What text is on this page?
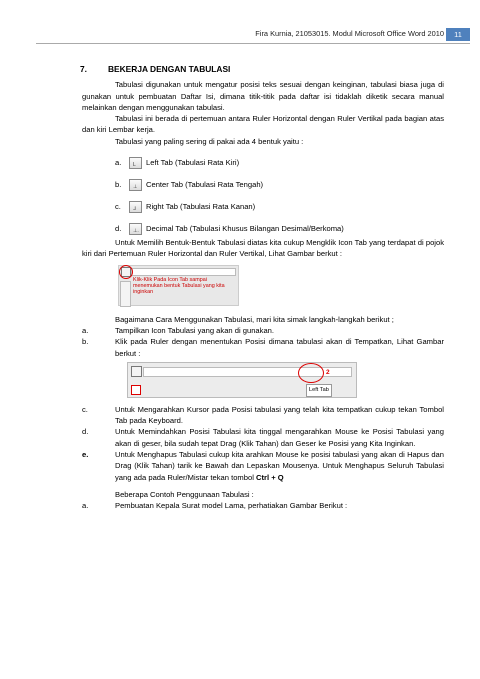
Fira Kurnia, 21053015. Modul Microsoft Office Word 2010	11
7.	BEKERJA DENGAN TABULASI

Tabulasi digunakan untuk mengatur posisi teks sesuai dengan keinginan, tabulasi biasa juga di gunakan untuk pembuatan Daftar Isi, dimana titik-titik pada daftar isi tidaklah diketik secara manual melainkan dengan menggunakan tabulasi.

Tabulasi ini berada di pertemuan antara Ruler Horizontal dengan Ruler Vertikal pada bagian atas dan kiri Lembar kerja.

Tabulasi yang paling sering di pakai ada 4 bentuk yaitu :

a.	L Left Tab (Tabulasi Rata Kiri)
b.	⊥ Center Tab (Tabulasi Rata Tengah)
c.	⅃ Right Tab (Tabulasi Rata Kanan)
d.	⊥. Decimal Tab (Tabulasi Khusus Bilangan Desimal/Berkoma)

Untuk Memilih Bentuk-Bentuk Tabulasi diatas kita cukup Mengklik Icon Tab yang terdapat di pojok kiri dari Pertemuan Ruler Horizontal dan Ruler Vertikal, Lihat Gambar berkut :

Klik-Klik Pada Icon Tab sampai menemukan bentuk Tabulasi yang kita inginkan

Bagaimana Cara Menggunakan Tabulasi, mari kita simak langkah-langkah berikut ;

a.	Tampilkan Icon Tabulasi yang akan di gunakan.
b.	Klik pada Ruler dengan menentukan Posisi dimana tabulasi akan di Tempatkan, Lihat Gambar berkut :
2
Left Tab
c.	Untuk Mengarahkan Kursor pada Posisi tabulasi yang telah kita tempatkan cukup tekan Tombol Tab pada Keyboard.
d.	Untuk Memindahkan Posisi Tabulasi kita tinggal mengarahkan Mouse ke Posisi Tabulasi yang akan di geser, bila sudah tepat Drag (Klik Tahan) dan Geser ke Posisi yang Kita Inginkan.
e.	Untuk Menghapus Tabulasi cukup kita arahkan Mouse ke posisi tabulasi yang akan di Hapus dan Drag (Klik Tahan) tarik ke Bawah dan Lepaskan Mousenya. Untuk Menghapus Seluruh Tabulasi yang ada pada Ruler/Mistar tekan tombol Ctrl + Q

Beberapa Contoh Penggunaan Tabulasi :

a.	Pembuatan Kepala Surat model Lama, perhatiakan Gambar Berikut :
